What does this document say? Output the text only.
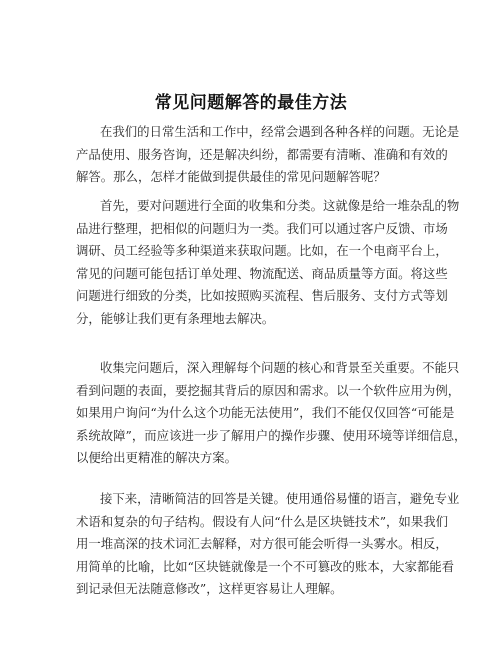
常见问题解答的最佳方法
在我们的日常生活和工作中，经常会遇到各种各样的问题。无论是
产品使用、服务咨询，还是解决纠纷，都需要有清晰、准确和有效的
解答。那么，怎样才能做到提供最佳的常见问题解答呢？
首先，要对问题进行全面的收集和分类。这就像是给一堆杂乱的物
品进行整理，把相似的问题归为一类。我们可以通过客户反馈、市场
调研、员工经验等多种渠道来获取问题。比如，在一个电商平台上，
常见的问题可能包括订单处理、物流配送、商品质量等方面。将这些
问题进行细致的分类，比如按照购买流程、售后服务、支付方式等划
分，能够让我们更有条理地去解决。
收集完问题后，深入理解每个问题的核心和背景至关重要。不能只
看到问题的表面，要挖掘其背后的原因和需求。以一个软件应用为例，
如果用户询问“为什么这个功能无法使用”，我们不能仅仅回答“可能是
系统故障”，而应该进一步了解用户的操作步骤、使用环境等详细信息，
以便给出更精准的解决方案。
接下来，清晰简洁的回答是关键。使用通俗易懂的语言，避免专业
术语和复杂的句子结构。假设有人问“什么是区块链技术”，如果我们
用一堆高深的技术词汇去解释，对方很可能会听得一头雾水。相反，
用简单的比喻，比如“区块链就像是一个不可篡改的账本，大家都能看
到记录但无法随意修改”，这样更容易让人理解。
